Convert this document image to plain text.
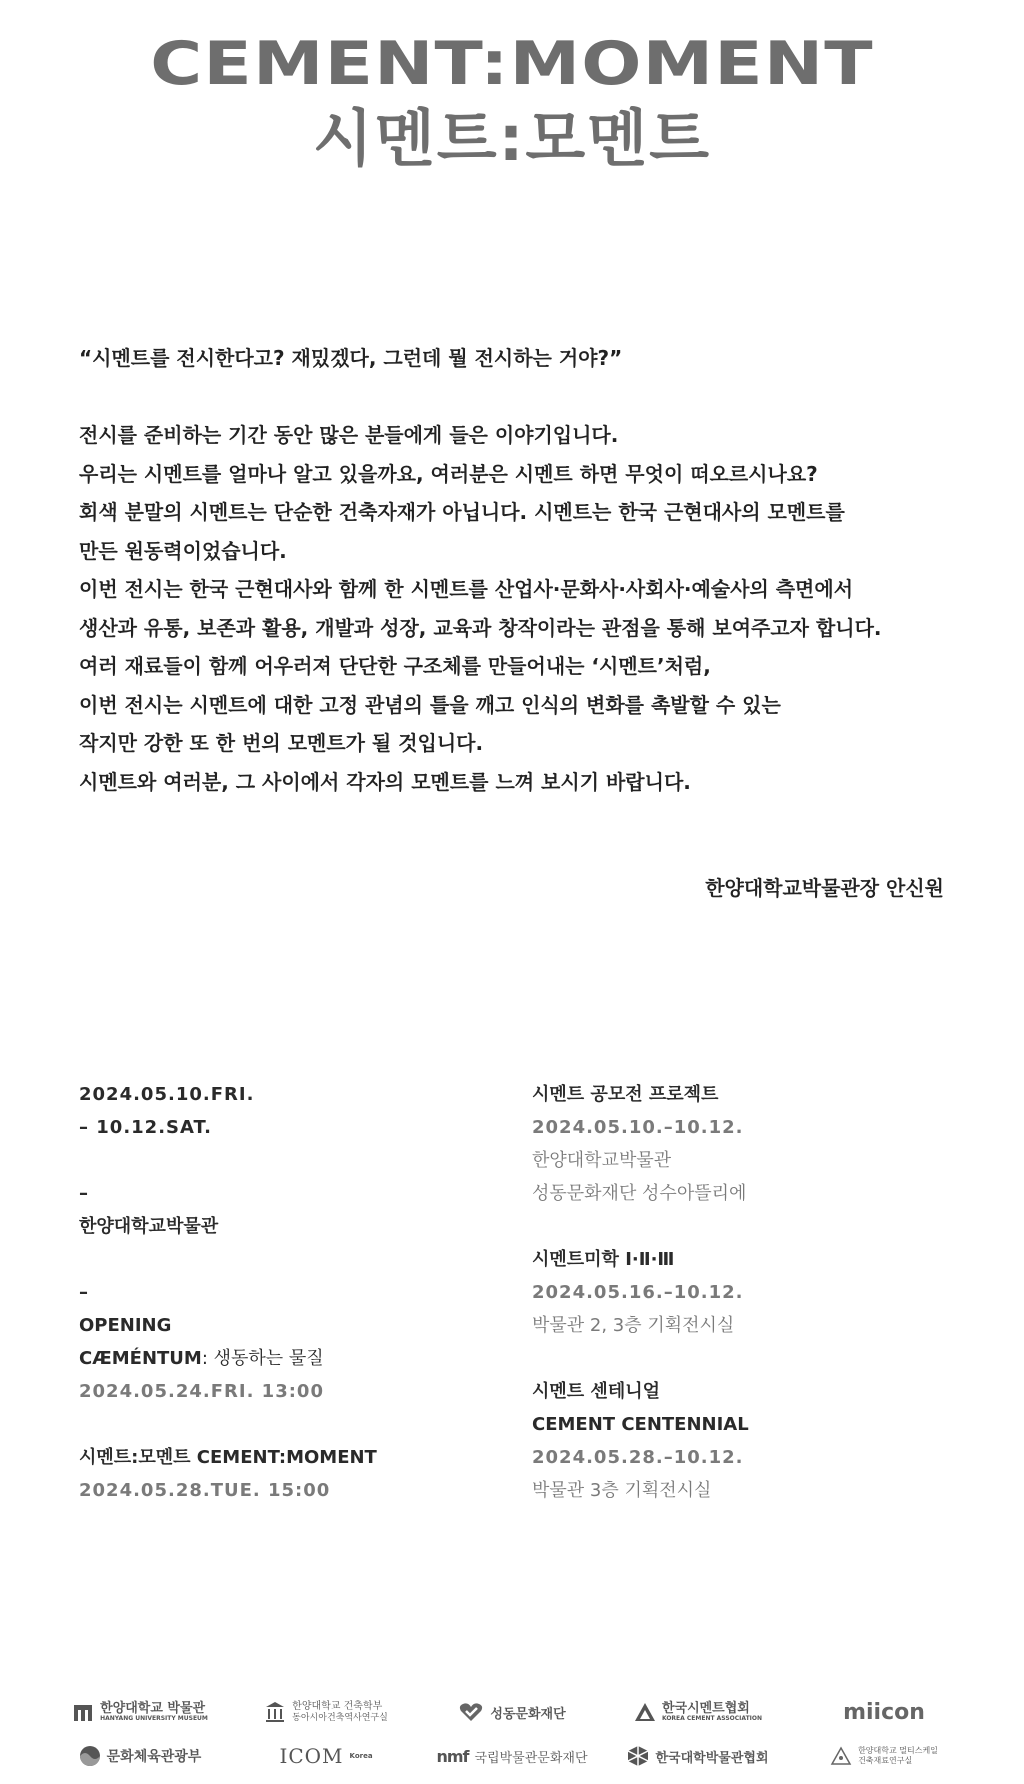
CEMENT:MOMENT
시멘트:모멘트
“시멘트를 전시한다고? 재밌겠다, 그런데 뭘 전시하는 거야?”

전시를 준비하는 기간 동안 많은 분들에게 들은 이야기입니다.

우리는 시멘트를 얼마나 알고 있을까요, 여러분은 시멘트 하면 무엇이 떠오르시나요?

회색 분말의 시멘트는 단순한 건축자재가 아닙니다. 시멘트는 한국 근현대사의 모멘트를

만든 원동력이었습니다.

이번 전시는 한국 근현대사와 함께 한 시멘트를 산업사·문화사·사회사·예술사의 측면에서

생산과 유통, 보존과 활용, 개발과 성장, 교육과 창작이라는 관점을 통해 보여주고자 합니다.

여러 재료들이 함께 어우러져 단단한 구조체를 만들어내는 ‘시멘트’처럼,

이번 전시는 시멘트에 대한 고정 관념의 틀을 깨고 인식의 변화를 촉발할 수 있는

작지만 강한 또 한 번의 모멘트가 될 것입니다.

시멘트와 여러분, 그 사이에서 각자의 모멘트를 느껴 보시기 바랍니다.

한양대학교박물관장 안신원
2024.05.10.FRI.
– 10.12.SAT.
–
한양대학교박물관
–
OPENING
CÆMÉNTUM: 생동하는 물질
2024.05.24.FRI. 13:00
시멘트:모멘트 CEMENT:MOMENT
2024.05.28.TUE. 15:00
시멘트 공모전 프로젝트
2024.05.10.–10.12.
한양대학교박물관
성동문화재단 성수아뜰리에
시멘트미학 Ⅰ·Ⅱ·Ⅲ
2024.05.16.–10.12.
박물관 2, 3층 기획전시실
시멘트 센테니얼
CEMENT CENTENNIAL
2024.05.28.–10.12.
박물관 3층 기획전시실
한양대학교 박물관
HANYANG UNIVERSITY MUSEUM
한양대학교 건축학부
동아시아건축역사연구실	성동문화재단	한국시멘트협회
KOREA CEMENT ASSOCIATION	miicon
문화체육관광부	ICOM Korea	nmf 국립박물관문화재단	한국대학박물관협회	한양대학교 멀티스케일
건축재료연구실
